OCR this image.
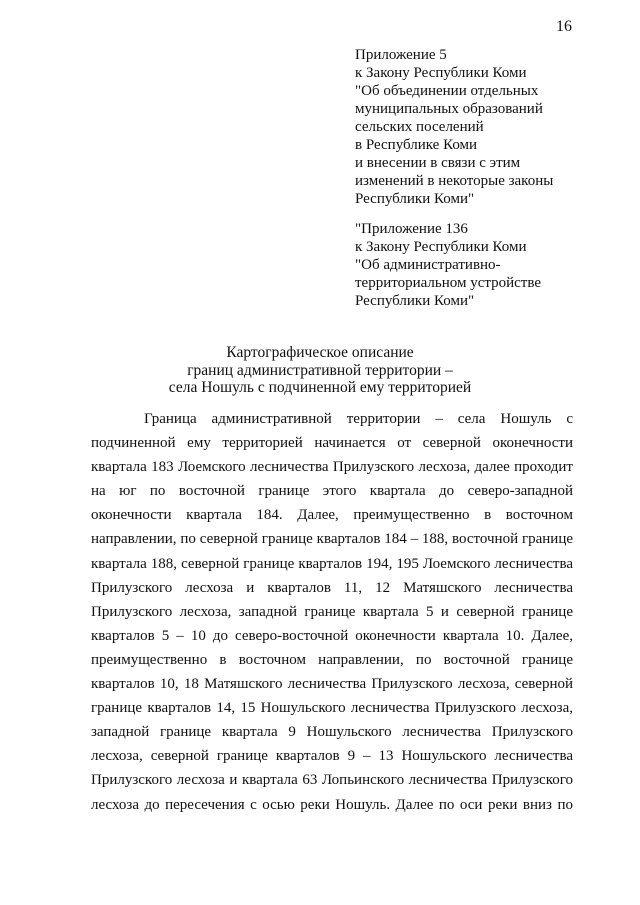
16
Приложение 5
к Закону Республики Коми
"Об объединении отдельных
муниципальных образований
сельских поселений
в Республике Коми
и внесении в связи с этим
изменений в некоторые законы
Республики Коми"
"Приложение 136
к Закону Республики Коми
"Об административно-
территориальном устройстве
Республики Коми"
Картографическое описание
границ административной территории –
села Ношуль с подчиненной ему территорией
Граница административной территории – села Ношуль с
подчиненной ему территорией начинается от северной оконечности
квартала 183 Лоемского лесничества Прилузского лесхоза, далее проходит
на юг по восточной границе этого квартала до северо-западной
оконечности квартала 184. Далее, преимущественно в восточном
направлении, по северной границе кварталов 184 – 188, восточной границе
квартала 188, северной границе кварталов 194, 195 Лоемского лесничества
Прилузского лесхоза и кварталов 11, 12 Матяшского лесничества
Прилузского лесхоза, западной границе квартала 5 и северной границе
кварталов 5 – 10 до северо-восточной оконечности квартала 10. Далее,
преимущественно в восточном направлении, по восточной границе
кварталов 10, 18 Матяшского лесничества Прилузского лесхоза, северной
границе кварталов 14, 15 Ношульского лесничества Прилузского лесхоза,
западной границе квартала 9 Ношульского лесничества Прилузского
лесхоза, северной границе кварталов 9 – 13 Ношульского лесничества
Прилузского лесхоза и квартала 63 Лопьинского лесничества Прилузского
лесхоза до пересечения с осью реки Ношуль. Далее по оси реки вниз по
